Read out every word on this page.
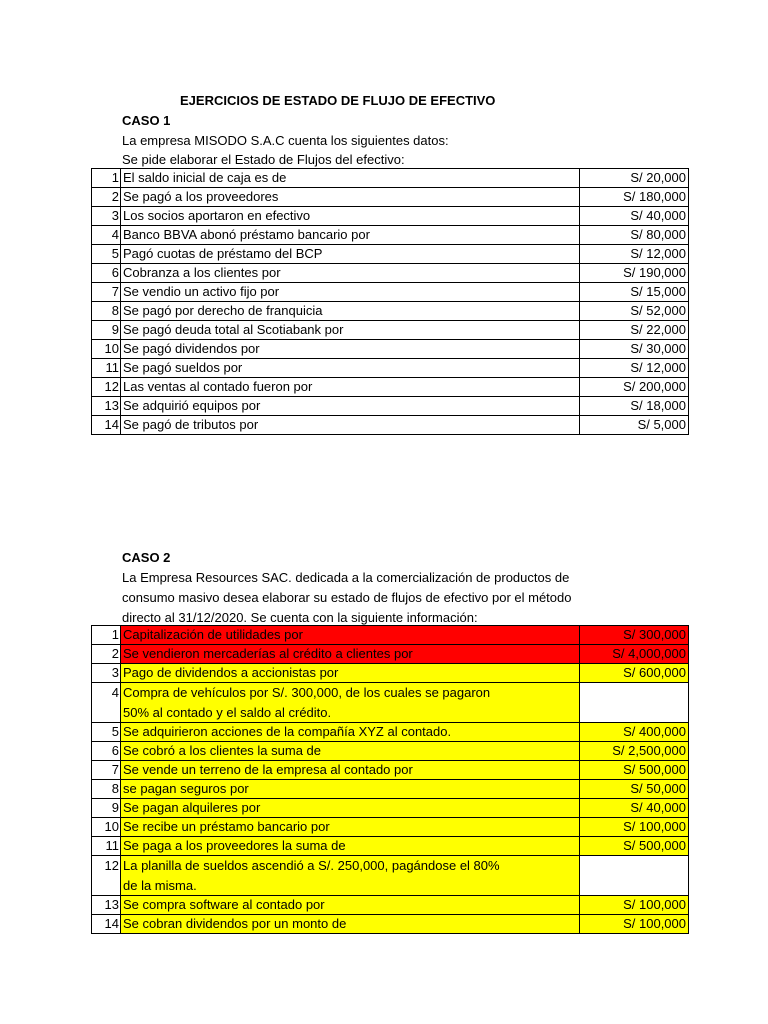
EJERCICIOS DE ESTADO DE FLUJO DE EFECTIVO
CASO 1
La empresa MISODO S.A.C cuenta los siguientes datos:
Se pide elaborar el Estado de Flujos del efectivo:
1	El saldo inicial de caja es de	S/ 20,000
2	Se pagó a los proveedores	S/ 180,000
3	Los socios aportaron en efectivo	S/ 40,000
4	Banco BBVA abonó préstamo bancario por	S/ 80,000
5	Pagó cuotas de préstamo del BCP	S/ 12,000
6	Cobranza a los clientes por	S/ 190,000
7	Se vendio un activo fijo por	S/ 15,000
8	Se pagó por derecho de franquicia	S/ 52,000
9	Se pagó deuda total al Scotiabank por	S/ 22,000
10	Se pagó dividendos por	S/ 30,000
11	Se pagó sueldos por	S/ 12,000
12	Las ventas al contado fueron por	S/ 200,000
13	Se adquirió equipos por	S/ 18,000
14	Se pagó de tributos por	S/ 5,000
CASO 2
La Empresa Resources SAC. dedicada a la comercialización de productos de
consumo masivo desea elaborar su estado de flujos de efectivo por el método
directo al 31/12/2020. Se cuenta con la siguiente información:
1	Capitalización de utilidades por	S/ 300,000
2	Se vendieron mercaderías al crédito a clientes por	S/ 4,000,000
3	Pago de dividendos a accionistas por	S/ 600,000
4	Compra de vehículos por S/. 300,000, de los cuales se pagaron
50% al contado y el saldo al crédito.	

5	Se adquirieron acciones de la compañía XYZ al contado.	S/ 400,000
6	Se cobró a los clientes la suma de	S/ 2,500,000
7	Se vende un terreno de la empresa al contado por	S/ 500,000
8	se pagan seguros por	S/ 50,000
9	Se pagan alquileres por	S/ 40,000
10	Se recibe un préstamo bancario por	S/ 100,000
11	Se paga a los proveedores la suma de	S/ 500,000
12	La planilla de sueldos ascendió a S/. 250,000, pagándose el 80%
de la misma.	

13	Se compra software al contado por	S/ 100,000
14	Se cobran dividendos por un monto de	S/ 100,000
